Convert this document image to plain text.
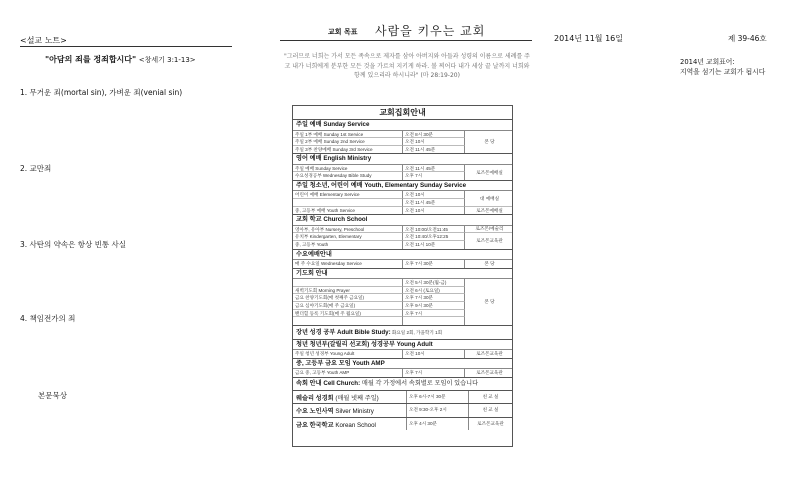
<설교 노트>
"아담의 죄를 정죄합시다" <창세기 3:1-13>
1. 무거운 죄(mortal sin), 가벼운 죄(venial sin)
2. 교만죄
3. 사탄의 약속은 항상 빈통 사실
4. 책임전가의 죄
본문묵상
교회 목표 사람을 키우는 교회
2014년 11월 16일	제 39-46호
"그러므로 너희는 가서 모든 족속으로 제자를 삼아 아버지와 아들과 성령의 이름으로 세례를 주고 내가 너희에게 분부한 모든 것을 가르쳐 지키게 하라. 볼 찌어다 내가 세상 끝 날까지 너희와 항께 있으리라 하시니라" (마 28:19-20)
2014년 교회표어:
지역을 섬기는 교회가 됩시다
교회집회안내
주일 예배 Sunday Service
주일 1부 예배 Sunday 1st Service	오전 8시 30분
본 당
주일 2부 예배 Sunday 2nd Service	오전 10시
주일 3부 찬양예배 Sunday 3rd Service	오전 11시 45분
영어 예배 English Ministry
주일 예배 Sunday Service	오전 11시 45분
로즈몬예배실
수요성경공부 Wednesday Bible Study	오후 7시
주일 청소년, 어린이 예배 Youth, Elementary Sunday Service
어린이 예배 Elementary Service	오전 10시
대 예배실
오전 11시 45분
중, 고등부 예배 Youth Service	오전 10시	로즈몬예배실
교회 학교 Church School
영아부, 유아부 Nursery, Preschool	오전 10:00/오전11:45	로즈몬/예술리
유치부 Kindergarten, Elementary	오전 10:40/오후12:25
로즈몬교육관
중, 고등부 Youth	오전 11시 10분
수요예배안내
매 주 수요일 Wednesday Service	오후 7시 30분	본 당
기도회 안내
오전 5시 30분(월-금)
본 당
새벽기도회 Morning Prayer	오전 6시 (토요일)
금요 찬양기도회(매 첫째주 금요일)	오후 7시 30분
금요 심야기도회(매 주 금요일)	오후 9시 30분
밴더힐 등록 기도회(매 주 월요일)	오후 7시
장년 성경 공부 Adult Bible Study: 화요일 2회, 가을학기 1회
청년 청년부(갈릴리 선교회) 성경공부 Young Adult
주일 청년 성경부 Young Adult	오전 10시	로즈몬교육관
중, 고등부 금요 모임 Youth AMP
금요 중, 고등부 Youth AMP	오후 7시	로즈몬교육관
속회 안내 Cell Church: 매월 각 가정에서 속회별로 모임이 있습니다
웨슬리 성경회 (매월 넷째 주일)	오후 6시-7시 30분	친 교 실
수요 노인사역 Silver Ministry	오전 9:30-오후 2시	친 교 실
금요 한국학교 Korean School	오후 4시 30분	로즈몬교육관
